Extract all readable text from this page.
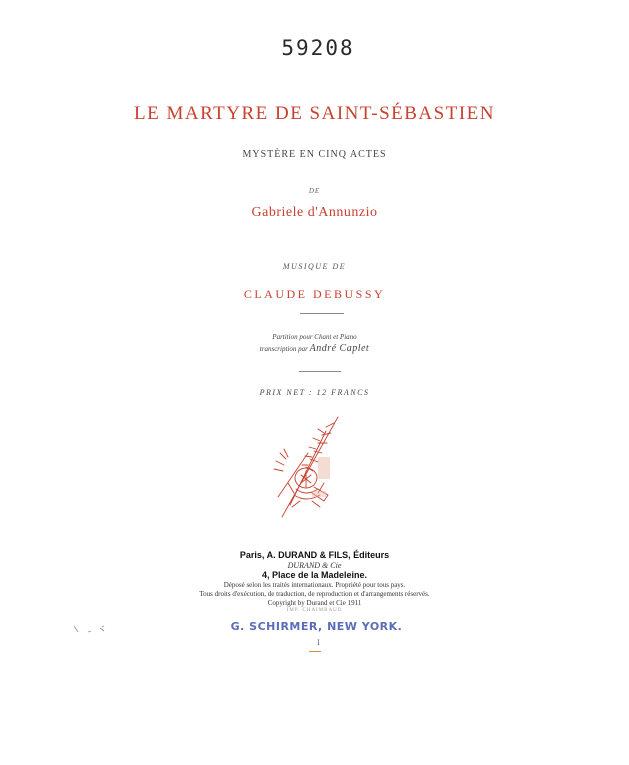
59208
LE MARTYRE DE SAINT-SÉBASTIEN
MYSTÈRE EN CINQ ACTES
DE
Gabriele d'Annunzio
MUSIQUE DE
CLAUDE DEBUSSY
Partition pour Chant et Piano
transcription par André Caplet
PRIX NET : 12 FRANCS
Paris, A. DURAND & FILS, Éditeurs
DURAND & Cie
4, Place de la Madeleine.
Déposé selon les traités internationaux. Propriété pour tous pays.
Tous droits d'exécution, de traduction, de reproduction et d'arrangements réservés.
Copyright by Durand et Cie 1911
IMP. CHAIMBAUD
G. SCHIRMER, NEW YORK.
I
